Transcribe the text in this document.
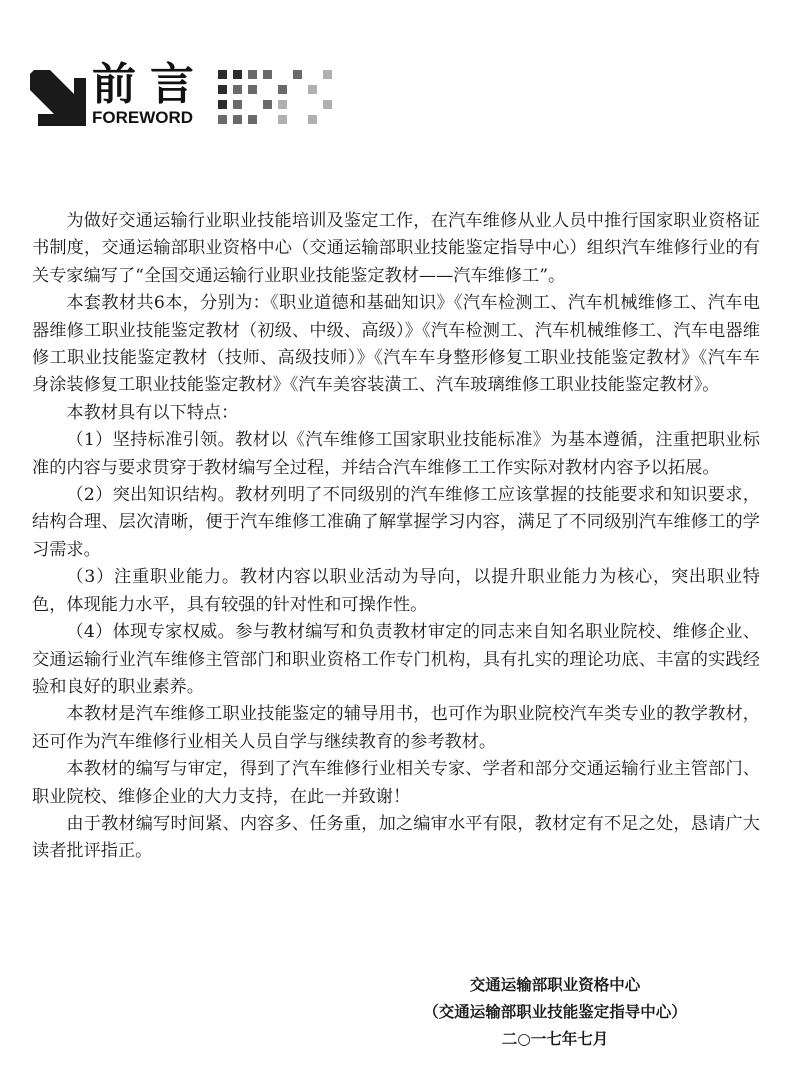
前言
FOREWORD

为做好交通运输行业职业技能培训及鉴定工作，在汽车维修从业人员中推行国家职业资格证书制度，交通运输部职业资格中心（交通运输部职业技能鉴定指导中心）组织汽车维修行业的有关专家编写了“全国交通运输行业职业技能鉴定教材——汽车维修工”。

本套教材共6本，分别为：《职业道德和基础知识》《汽车检测工、汽车机械维修工、汽车电器维修工职业技能鉴定教材（初级、中级、高级）》《汽车检测工、汽车机械维修工、汽车电器维修工职业技能鉴定教材（技师、高级技师）》《汽车车身整形修复工职业技能鉴定教材》《汽车车身涂装修复工职业技能鉴定教材》《汽车美容装潢工、汽车玻璃维修工职业技能鉴定教材》。

本教材具有以下特点：

（1）坚持标准引领。教材以《汽车维修工国家职业技能标准》为基本遵循，注重把职业标准的内容与要求贯穿于教材编写全过程，并结合汽车维修工工作实际对教材内容予以拓展。

（2）突出知识结构。教材列明了不同级别的汽车维修工应该掌握的技能要求和知识要求，结构合理、层次清晰，便于汽车维修工准确了解掌握学习内容，满足了不同级别汽车维修工的学习需求。

（3）注重职业能力。教材内容以职业活动为导向，以提升职业能力为核心，突出职业特色，体现能力水平，具有较强的针对性和可操作性。

（4）体现专家权威。参与教材编写和负责教材审定的同志来自知名职业院校、维修企业、交通运输行业汽车维修主管部门和职业资格工作专门机构，具有扎实的理论功底、丰富的实践经验和良好的职业素养。

本教材是汽车维修工职业技能鉴定的辅导用书，也可作为职业院校汽车类专业的教学教材，还可作为汽车维修行业相关人员自学与继续教育的参考教材。

本教材的编写与审定，得到了汽车维修行业相关专家、学者和部分交通运输行业主管部门、职业院校、维修企业的大力支持，在此一并致谢！

由于教材编写时间紧、内容多、任务重，加之编审水平有限，教材定有不足之处，恳请广大读者批评指正。

交通运输部职业资格中心
（交通运输部职业技能鉴定指导中心）
二○一七年七月
